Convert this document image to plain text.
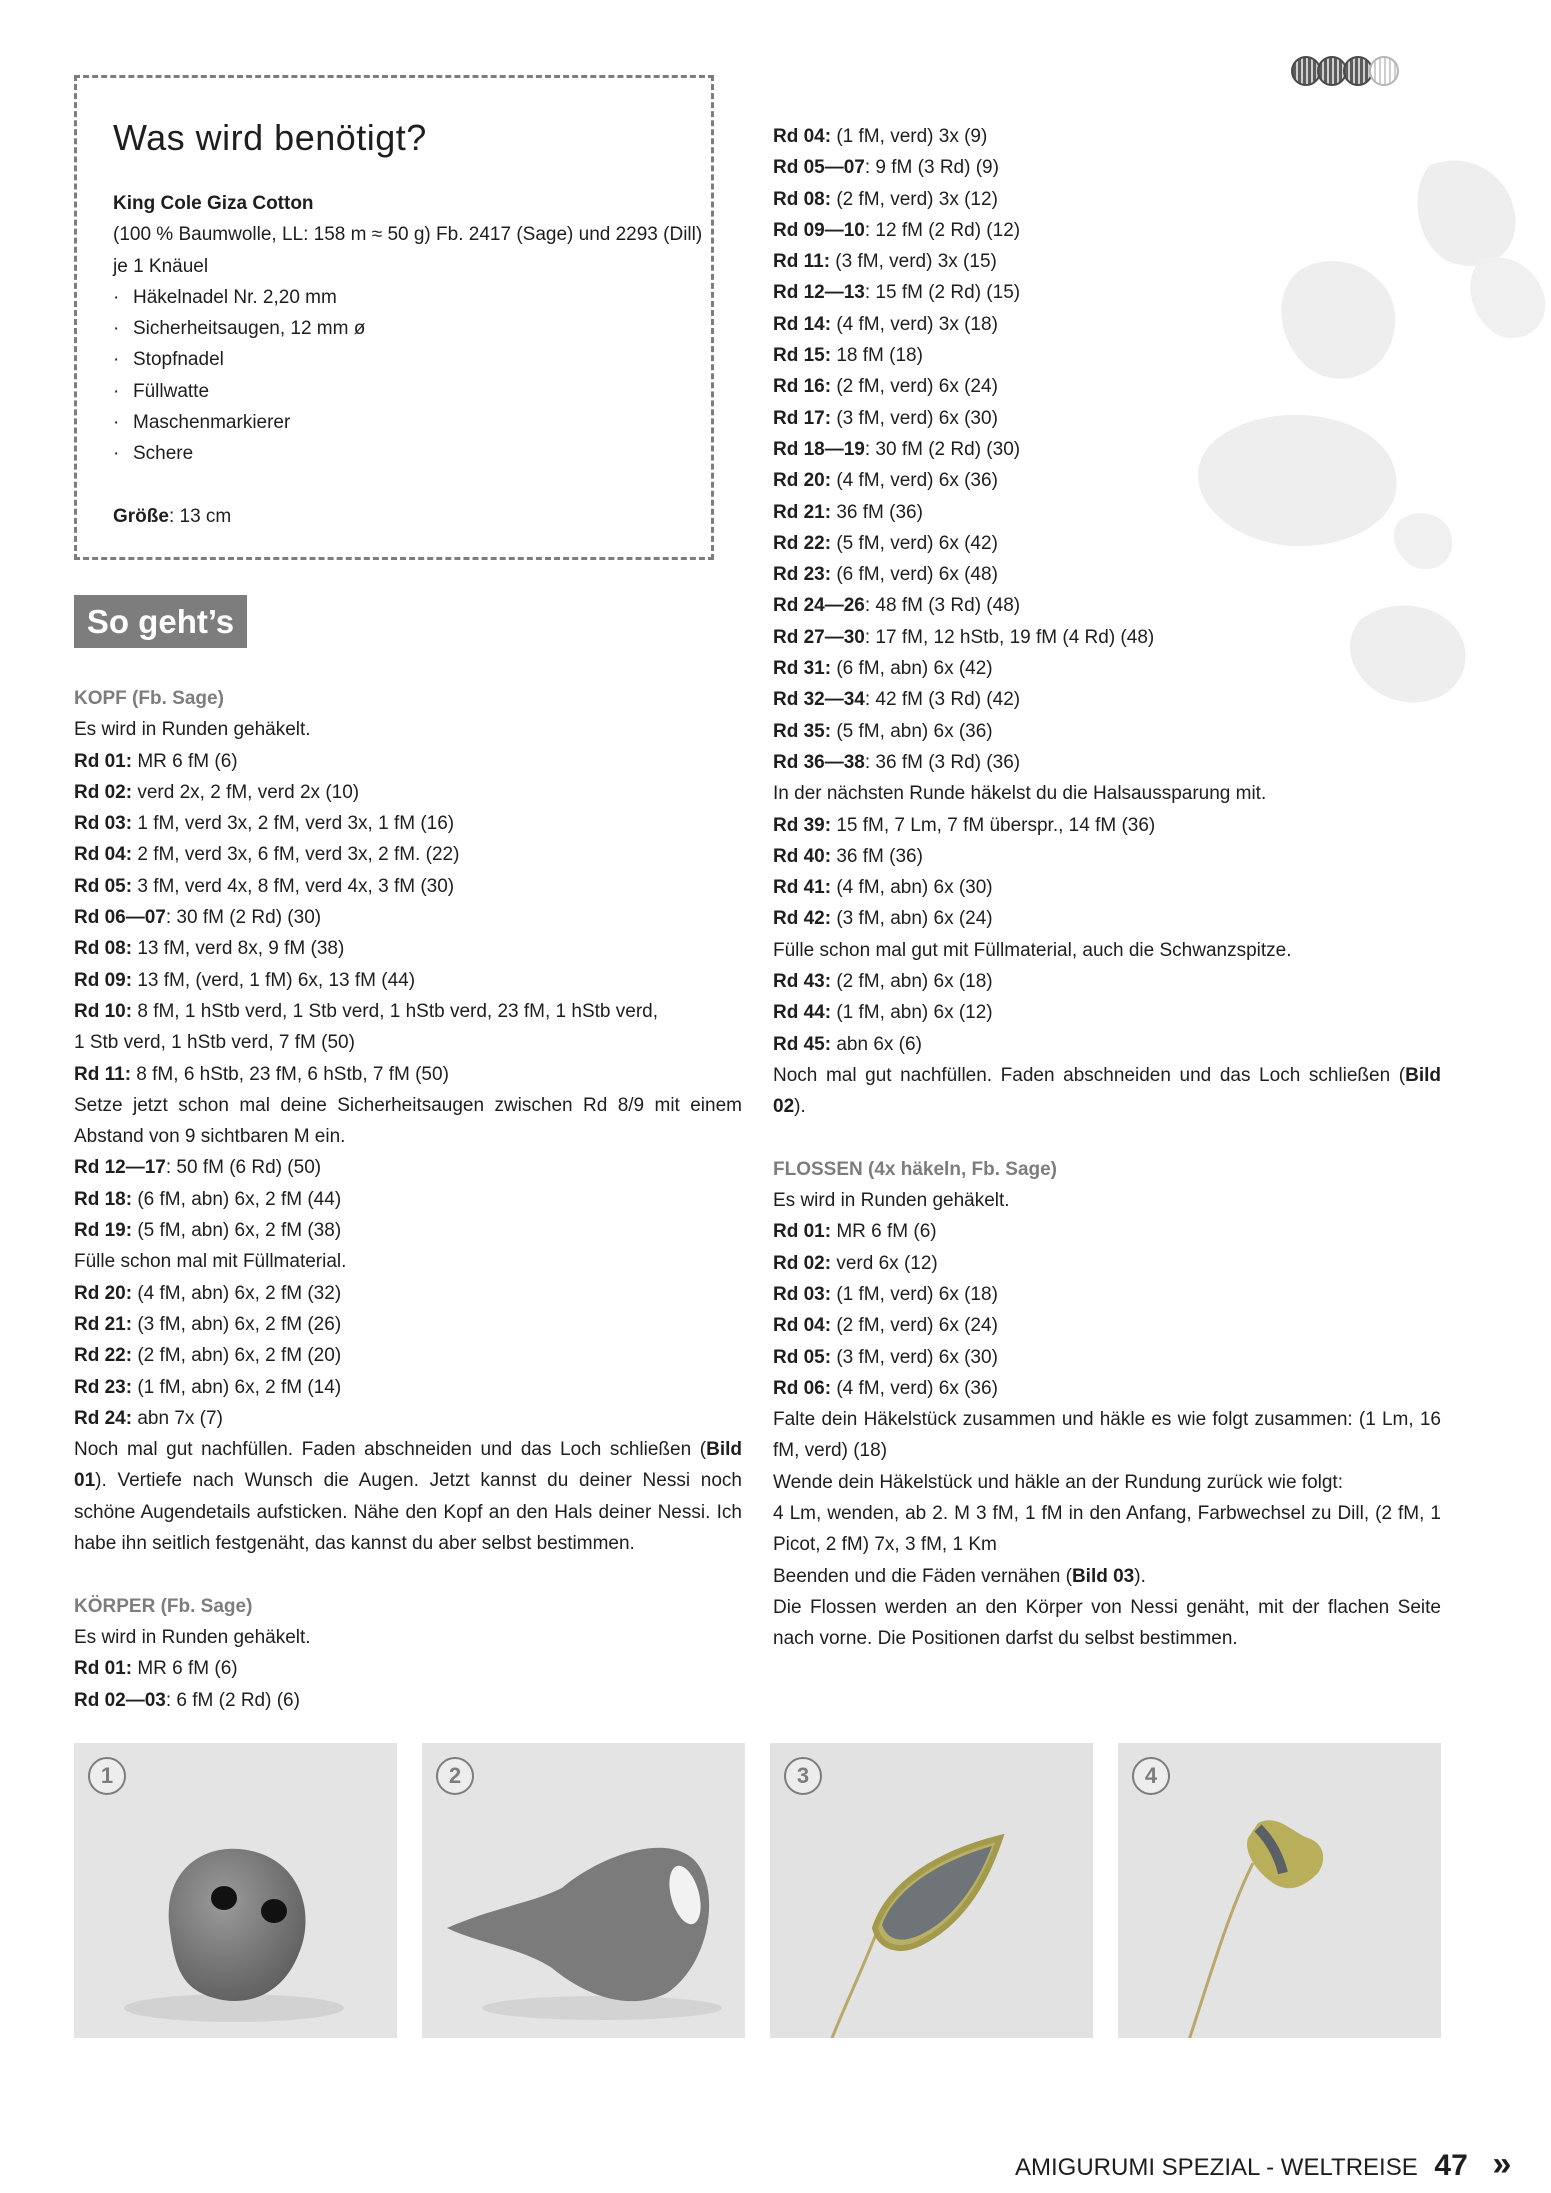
Was wird benötigt?
King Cole Giza Cotton
(100 % Baumwolle, LL: 158 m ≈ 50 g) Fb. 2417 (Sage) und 2293 (Dill)
je 1 Knäuel
· Häkelnadel Nr. 2,20 mm
· Sicherheitsaugen, 12 mm ø
· Stopfnadel
· Füllwatte
· Maschenmarkierer
· Schere
Größe: 13 cm
So geht’s
KOPF (Fb. Sage)
Es wird in Runden gehäkelt.
Rd 01: MR 6 fM (6)
Rd 02: verd 2x, 2 fM, verd 2x (10)
Rd 03: 1 fM, verd 3x, 2 fM, verd 3x, 1 fM (16)
Rd 04: 2 fM, verd 3x, 6 fM, verd 3x, 2 fM. (22)
Rd 05: 3 fM, verd 4x, 8 fM, verd 4x, 3 fM (30)
Rd 06—07: 30 fM (2 Rd) (30)
Rd 08: 13 fM, verd 8x, 9 fM (38)
Rd 09: 13 fM, (verd, 1 fM) 6x, 13 fM (44)
Rd 10: 8 fM, 1 hStb verd, 1 Stb verd, 1 hStb verd, 23 fM, 1 hStb verd,
1 Stb verd, 1 hStb verd, 7 fM (50)
Rd 11: 8 fM, 6 hStb, 23 fM, 6 hStb, 7 fM (50)
Setze jetzt schon mal deine Sicherheitsaugen zwischen Rd 8/9 mit einem Abstand von 9 sichtbaren M ein.
Rd 12—17: 50 fM (6 Rd) (50)
Rd 18: (6 fM, abn) 6x, 2 fM (44)
Rd 19: (5 fM, abn) 6x, 2 fM (38)
Fülle schon mal mit Füllmaterial.
Rd 20: (4 fM, abn) 6x, 2 fM (32)
Rd 21: (3 fM, abn) 6x, 2 fM (26)
Rd 22: (2 fM, abn) 6x, 2 fM (20)
Rd 23: (1 fM, abn) 6x, 2 fM (14)
Rd 24: abn 7x (7)
Noch mal gut nachfüllen. Faden abschneiden und das Loch schließen (Bild 01). Vertiefe nach Wunsch die Augen. Jetzt kannst du deiner Nessi noch schöne Augendetails aufsticken. Nähe den Kopf an den Hals deiner Nessi. Ich habe ihn seitlich festgenäht, das kannst du aber selbst bestimmen.
KÖRPER (Fb. Sage)
Es wird in Runden gehäkelt.
Rd 01: MR 6 fM (6)
Rd 02—03: 6 fM (2 Rd) (6)
Rd 04: (1 fM, verd) 3x (9)
Rd 05—07: 9 fM (3 Rd) (9)
Rd 08: (2 fM, verd) 3x (12)
Rd 09—10: 12 fM (2 Rd) (12)
Rd 11: (3 fM, verd) 3x (15)
Rd 12—13: 15 fM (2 Rd) (15)
Rd 14: (4 fM, verd) 3x (18)
Rd 15: 18 fM (18)
Rd 16: (2 fM, verd) 6x (24)
Rd 17: (3 fM, verd) 6x (30)
Rd 18—19: 30 fM (2 Rd) (30)
Rd 20: (4 fM, verd) 6x (36)
Rd 21: 36 fM (36)
Rd 22: (5 fM, verd) 6x (42)
Rd 23: (6 fM, verd) 6x (48)
Rd 24—26: 48 fM (3 Rd) (48)
Rd 27—30: 17 fM, 12 hStb, 19 fM (4 Rd) (48)
Rd 31: (6 fM, abn) 6x (42)
Rd 32—34: 42 fM (3 Rd) (42)
Rd 35: (5 fM, abn) 6x (36)
Rd 36—38: 36 fM (3 Rd) (36)
In der nächsten Runde häkelst du die Halsaussparung mit.
Rd 39: 15 fM, 7 Lm, 7 fM überspr., 14 fM (36)
Rd 40: 36 fM (36)
Rd 41: (4 fM, abn) 6x (30)
Rd 42: (3 fM, abn) 6x (24)
Fülle schon mal gut mit Füllmaterial, auch die Schwanzspitze.
Rd 43: (2 fM, abn) 6x (18)
Rd 44: (1 fM, abn) 6x (12)
Rd 45: abn 6x (6)
Noch mal gut nachfüllen. Faden abschneiden und das Loch schließen (Bild 02).
FLOSSEN (4x häkeln, Fb. Sage)
Es wird in Runden gehäkelt.
Rd 01: MR 6 fM (6)
Rd 02: verd 6x (12)
Rd 03: (1 fM, verd) 6x (18)
Rd 04: (2 fM, verd) 6x (24)
Rd 05: (3 fM, verd) 6x (30)
Rd 06: (4 fM, verd) 6x (36)
Falte dein Häkelstück zusammen und häkle es wie folgt zusammen: (1 Lm, 16 fM, verd) (18)
Wende dein Häkelstück und häkle an der Rundung zurück wie folgt:
4 Lm, wenden, ab 2. M 3 fM, 1 fM in den Anfang, Farbwechsel zu Dill, (2 fM, 1 Picot, 2 fM) 7x, 3 fM, 1 Km
Beenden und die Fäden vernähen (Bild 03).
Die Flossen werden an den Körper von Nessi genäht, mit der flachen Seite nach vorne. Die Positionen darfst du selbst bestimmen.
1	2	3	4
AMIGURUMI SPEZIAL - WELTREISE 47 »
